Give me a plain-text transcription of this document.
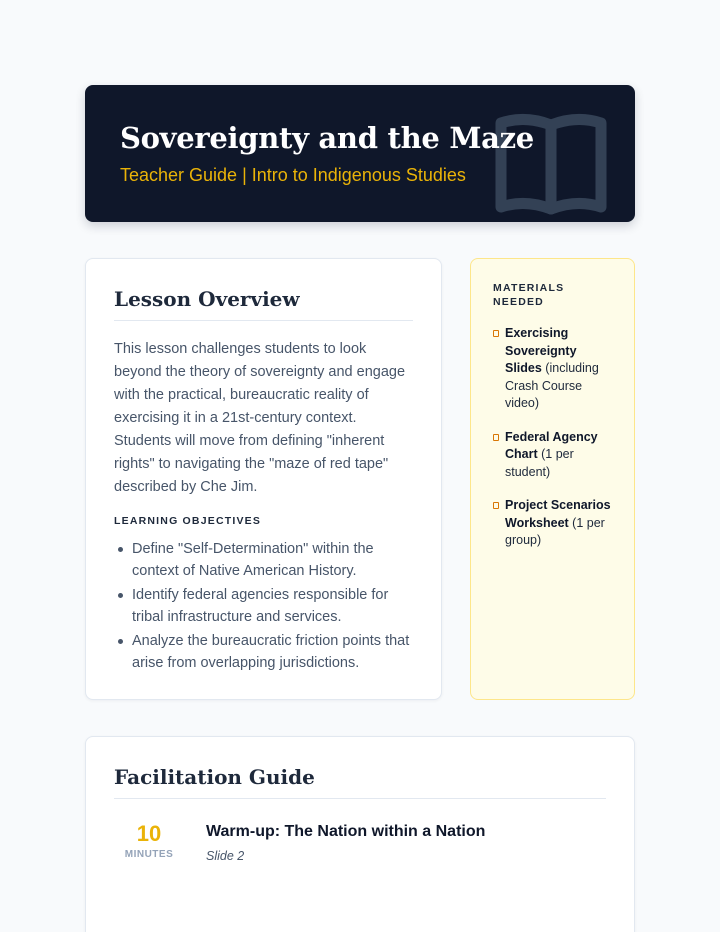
Sovereignty and the Maze
Teacher Guide | Intro to Indigenous Studies
Lesson Overview

This lesson challenges students to look beyond the theory of sovereignty and engage with the practical, bureaucratic reality of exercising it in a 21st-century context. Students will move from defining "inherent rights" to navigating the "maze of red tape" described by Che Jim.

LEARNING OBJECTIVES
Define "Self-Determination" within the context of Native American History.
Identify federal agencies responsible for tribal infrastructure and services.
Analyze the bureaucratic friction points that arise from overlapping jurisdictions.
MATERIALS NEEDED
Exercising Sovereignty Slides (including Crash Course video)
Federal Agency Chart (1 per student)
Project Scenarios Worksheet (1 per group)
Facilitation Guide
10
MINUTES
Warm-up: The Nation within a Nation
Slide 2
